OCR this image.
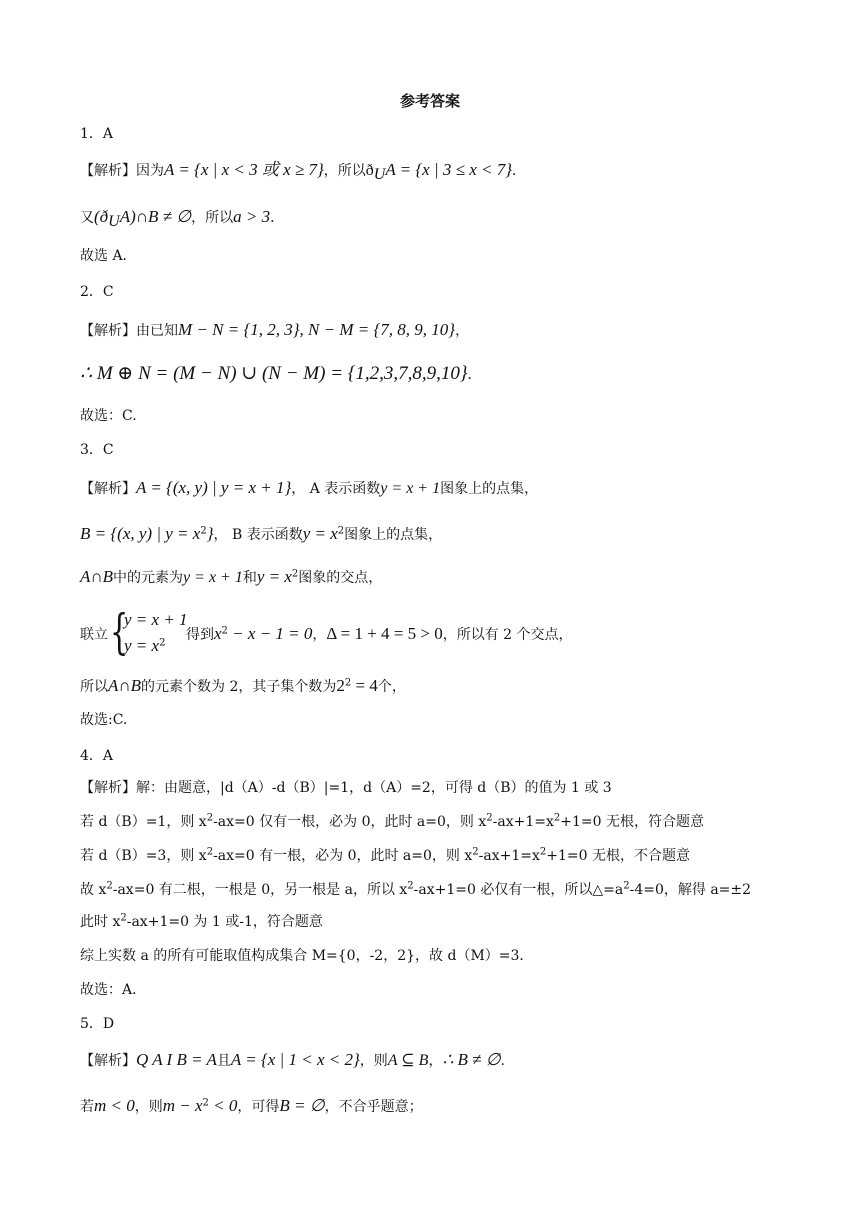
参考答案
1．A
【解析】因为A = {x | x < 3 或 x ≥ 7}，所以$ð_UA = \{x$ | 3 ≤ x < 7}．
又$(ð_UA)\cap B$ ≠ ∅，所以a > 3．
故选 A．
2．C
【解析】由已知M − N = {1, 2, 3}, N − M = {7, 8, 9, 10}，
∴ M ⊕ N = (M − N) ∪ (N − M) = {1,2,3,7,8,9,10}．
故选：C.
3．C
【解析】A = {(x, y) | y = x + 1}， A 表示函数y = x + 1图象上的点集，
B = {(x, y) | $y = x^2$}， B 表示函数$y = x^2$图象上的点集，
A∩B中的元素为y = x + 1和$y = x^2$图象的交点，
联立 {
y = x + 1
$y = x^2$ 得到$x^2 - x - 1 = 0$，Δ = 1 + 4 = 5 > 0，所以有 2 个交点，
所以A∩B的元素个数为 2，其子集个数为$2^2 = 4$个，
故选:C.
4．A
【解析】解：由题意，|d（A）-d（B）|=1，d（A）=2，可得 d（B）的值为 1 或 3
若 d（B）=1，则 $x^2-ax=0$ 仅有一根，必为 0，此时 a=0，则 $x^2-ax+1=x^2+1=0$ 无根，符合题意
若 d（B）=3，则 $x^2-ax=0$ 有一根，必为 0，此时 a=0，则 $x^2-ax+1=x^2+1=0$ 无根，不合题意
故 $x^2-ax=0$ 有二根，一根是 0，另一根是 a，所以 $x^2-ax+1=0$ 必仅有一根，所以$\triangle=a^2-4=0$，解得 a=±2
此时 $x^2-ax+1=0$ 为 1 或-1，符合题意
综上实数 a 的所有可能取值构成集合 M={0，-2，2}，故 d（M）=3．
故选：A．
5．D
【解析】Q A I B = A且A = {x | 1 < x < 2}，则A ⊆ B，∴ B ≠ ∅.
若m < 0，则$m - x^2 < 0$，可得B = ∅，不合乎题意；
